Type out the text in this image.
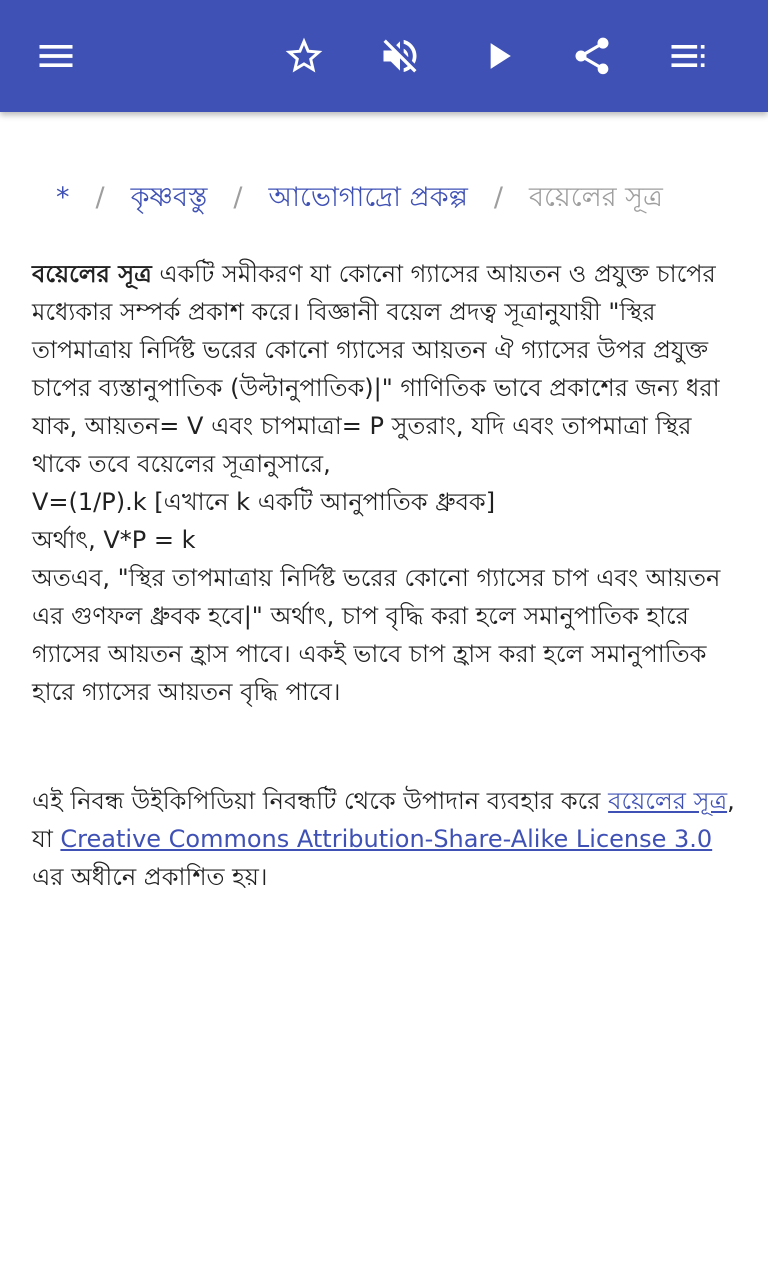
* / কৃষ্ণবস্তু / আভোগাদ্রো প্রকল্প / বয়েলের সূত্র

বয়েলের সূত্র একটি সমীকরণ যা কোনো গ্যাসের আয়তন ও প্রযুক্ত চাপের মধ্যেকার সম্পর্ক প্রকাশ করে। বিজ্ঞানী বয়েল প্রদত্ব সূত্রানুযায়ী "স্থির তাপমাত্রায় নির্দিষ্ট ভরের কোনো গ্যাসের আয়তন ঐ গ্যাসের উপর প্রযুক্ত চাপের ব্যস্তানুপাতিক (উল্টানুপাতিক)|" গাণিতিক ভাবে প্রকাশের জন্য ধরা যাক, আয়তন= V এবং চাপমাত্রা= P সুতরাং, যদি এবং তাপমাত্রা স্থির থাকে তবে বয়েলের সূত্রানুসারে,

V=(1/P).k [এখানে k একটি আনুপাতিক ধ্রুবক]

অর্থাৎ, V*P = k

অতএব, "স্থির তাপমাত্রায় নির্দিষ্ট ভরের কোনো গ্যাসের চাপ এবং আয়তন এর গুণফল ধ্রুবক হবে|" অর্থাৎ, চাপ বৃদ্ধি করা হলে সমানুপাতিক হারে গ্যাসের আয়তন হ্রাস পাবে। একই ভাবে চাপ হ্রাস করা হলে সমানুপাতিক হারে গ্যাসের আয়তন বৃদ্ধি পাবে।

এই নিবন্ধ উইকিপিডিয়া নিবন্ধটি থেকে উপাদান ব্যবহার করে বয়েলের সূত্র, যা Creative Commons Attribution-Share-Alike License 3.0 এর অধীনে প্রকাশিত হয়।
